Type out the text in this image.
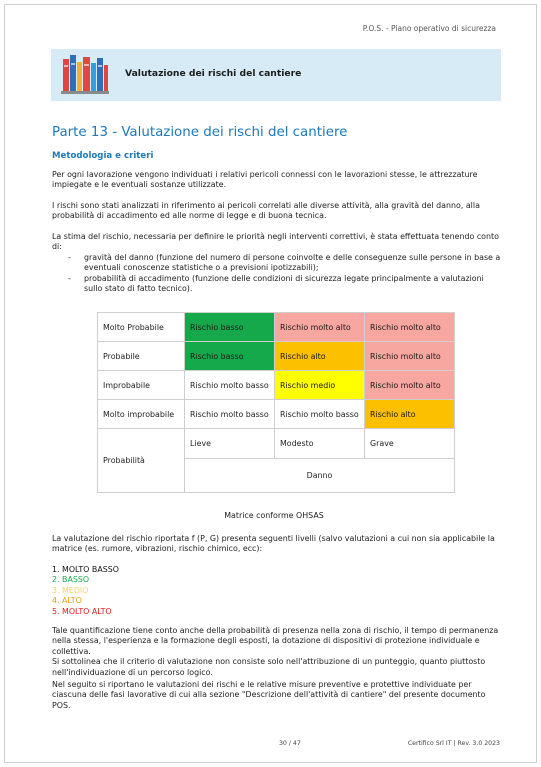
P.O.S. - Piano operativo di sicurezza
Valutazione dei rischi del cantiere
Parte 13 - Valutazione dei rischi del cantiere
Metodologia e criteri

Per ogni lavorazione vengono individuati i relativi pericoli connessi con le lavorazioni stesse, le attrezzature impiegate e le eventuali sostanze utilizzate.

I rischi sono stati analizzati in riferimento ai pericoli correlati alle diverse attività, alla gravità del danno, alla probabilità di accadimento ed alle norme di legge e di buona tecnica.

La stima del rischio, necessaria per definire le priorità negli interventi correttivi, è stata effettuata tenendo conto di:

- gravità del danno (funzione del numero di persone coinvolte e delle conseguenze sulle persone in base a eventuali conoscenze statistiche o a previsioni ipotizzabili);
- probabilità di accadimento (funzione delle condizioni di sicurezza legate principalmente a valutazioni sullo stato di fatto tecnico).

La valutazione del rischio riportata f (P, G) presenta seguenti livelli (salvo valutazioni a cui non sia applicabile la matrice (es. rumore, vibrazioni, rischio chimico, ecc):

1. MOLTO BASSO
2. BASSO
3. MEDIO
4. ALTO
5. MOLTO ALTO

Tale quantificazione tiene conto anche della probabilità di presenza nella zona di rischio, il tempo di permanenza nella stessa, l'esperienza e la formazione degli esposti, la dotazione di dispositivi di protezione individuale e collettiva.

Si sottolinea che il criterio di valutazione non consiste solo nell'attribuzione di un punteggio, quanto piuttosto nell'individuazione di un percorso logico.

Nel seguito si riportano le valutazioni dei rischi e le relative misure preventive e protettive individuate per ciascuna delle fasi lavorative di cui alla sezione "Descrizione dell'attività di cantiere" del presente documento POS.

Molto Probabile	Rischio basso	Rischio molto alto	Rischio molto alto
Probabile	Rischio basso	Rischio alto	Rischio molto alto
Improbabile	Rischio molto basso	Rischio medio	Rischio molto alto
Molto improbabile	Rischio molto basso	Rischio molto basso	Rischio alto
Probabilità	Lieve	Modesto	Grave
	Danno		
Matrice conforme OHSAS
30 / 47	Certifico Srl IT | Rev. 3.0 2023
